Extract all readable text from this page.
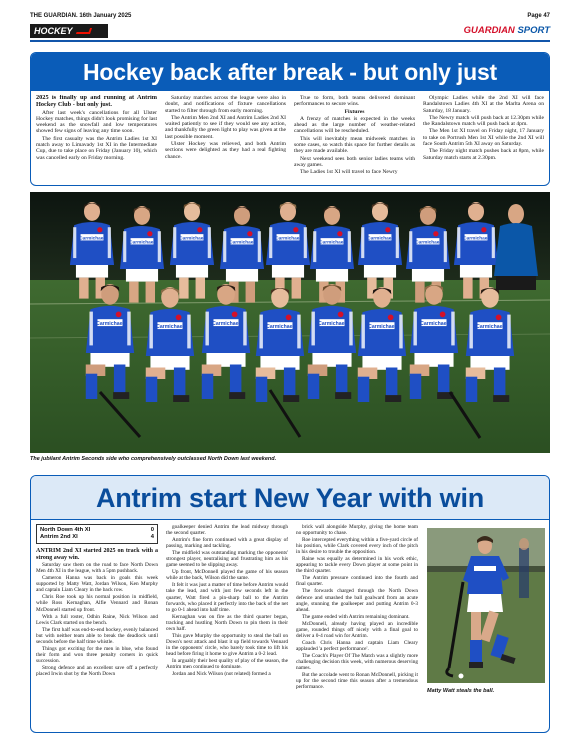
THE GUARDIAN. 16th January 2025	Page 47
HOCKEY	GUARDIAN SPORT
Hockey back after break - but only just

2025 is finally up and running at Antrim Hockey Club - but only just.

After last week's cancellations for all Ulster Hockey matches, things didn't look promising for last weekend as the snowfall and low temperatures showed few signs of leaving any time soon.

The first casualty was the Antrim Ladies 1st XI match away to Limavady 1st XI in the Intermediate Cup, due to take place on Friday (January 10), which was cancelled early on Friday morning.

Saturday matches across the league were also in doubt, and notifications of fixture cancellations started to filter through from early morning.

The Antrim Men 2nd XI and Antrim Ladies 2nd XI waited patiently to see if they would see any action, and thankfully the green light to play was given at the last possible moment.

Ulster Hockey was relieved, and both Antrim sections were delighted as they had a real fighting chance.

True to form, both teams delivered dominant performances to secure wins.

Fixtures

A frenzy of matches is expected in the weeks ahead as the large number of weather-related cancellations will be rescheduled.

This will inevitably mean midweek matches in some cases, so watch this space for further details as they are made available.

Next weekend sees both senior ladies teams with away games.

The Ladies 1st XI will travel to face Newry

Olympic Ladies while the 2nd XI will face Randalstown Ladies 4th XI at the Marlta Arena on Saturday, 18 January.

The Newry match will push back at 12.30pm while the Randalstown match will push back at 4pm.

The Men 1st XI travel on Friday night, 17 January to take on Portrush Men 1st XI while the 2nd XI will face South Antrim 5th XI away on Saturday.

The Friday night match pushes back at 8pm, while Saturday match starts at 2.30pm.

Carmichael
Carmichael
Carmichael
Carmichael
Carmichael
Carmichael
Carmichael
Carmichael
Carmichael
Carmichael	Carmichael	Carmichael	Carmichael	Carmichael	Carmichael	Carmichael	Carmichael
The jubilant Antrim Seconds side who comprehensively outclassed North Down last weekend.
Antrim start New Year with win
North Down 4th XI	0
Antrim 2nd XI	4

ANTRIM 2nd XI started 2025 on track with a strong away win.

Saturday saw them on the road to face North Down Men 4th XI in the league, with a 5pm pushback.

Cameron Hanna was back in goals this week supported by Matty Watt, Jordan Wilson, Ken Murphy and captain Liam Cleary in the back row.

Chris Roe took up his normal position in midfield, while Ross Kernaghan, Alfie Vennard and Ronan McDonnell started up front.

With a full roster, Odhin Raine, Nick Wilson and Lewis Clark started on the bench.

The first half was end-to-end hockey, evenly balanced but with neither team able to break the deadlock until seconds before the half time whistle.

Things got exciting for the men in blue, who found their form and won three penalty corners in quick succession.

Strong defence and an excellent save off a perfectly placed Irwin shot by the North Down

goalkeeper denied Antrim the lead midway through the second quarter.

Antrim's fine form continued with a great display of passing, marking and tackling.

The midfield was outstanding marking the opponents' strongest player, neutralising and frustrating him as his game seemed to be slipping away.

Up front, McDonnell played the game of his season while at the back, Wilson did the same.

It felt it was just a matter of time before Antrim would take the lead, and with just few seconds left in the quarter, Watt fired a pin-sharp ball to the Antrim forwards, who placed it perfectly into the back of the net to go 0-1 ahead into half time.

Kernaghan was on fire as the third quarter began, tracking and hustling North Down to pin them in their own half.

This gave Murphy the opportunity to steal the ball on Down's next attack and blast it up field towards Vennard in the opponents' circle, who barely took time to lift his head before firing it home to give Antrim a 0-2 lead.

In arguably their best quality of play of the season, the Antrim men continued to dominate.

Jordan and Nick Wilson (not related) formed a

brick wall alongside Murphy, giving the home team no opportunity to chase.

Roe intercepted everything within a five-yard circle of his position, while Clark covered every inch of the pitch in his desire to trouble the opposition.

Raine was equally as determined in his work ethic, appearing to tackle every Down player at some point in the third quarter.

The Antrim pressure continued into the fourth and final quarter.

The forwards charged through the North Down defence and smashed the ball goalward from an acute angle, stunning the goalkeeper and putting Antrim 0-3 ahead.

The game ended with Antrim remaining dominant.

McDonnell, already having played an incredible game, rounded things off nicely with a final goal to deliver a 0-4 road win for Antrim.

Coach Chris Hanna and captain Liam Cleary applauded 'a perfect performance'.

The Coach's Player Of The Match was a slightly more challenging decision this week, with numerous deserving names.

But the accolade went to Ronan McDonnell, picking it up for the second time this season after a tremendous performance.

Matty Watt steals the ball.
